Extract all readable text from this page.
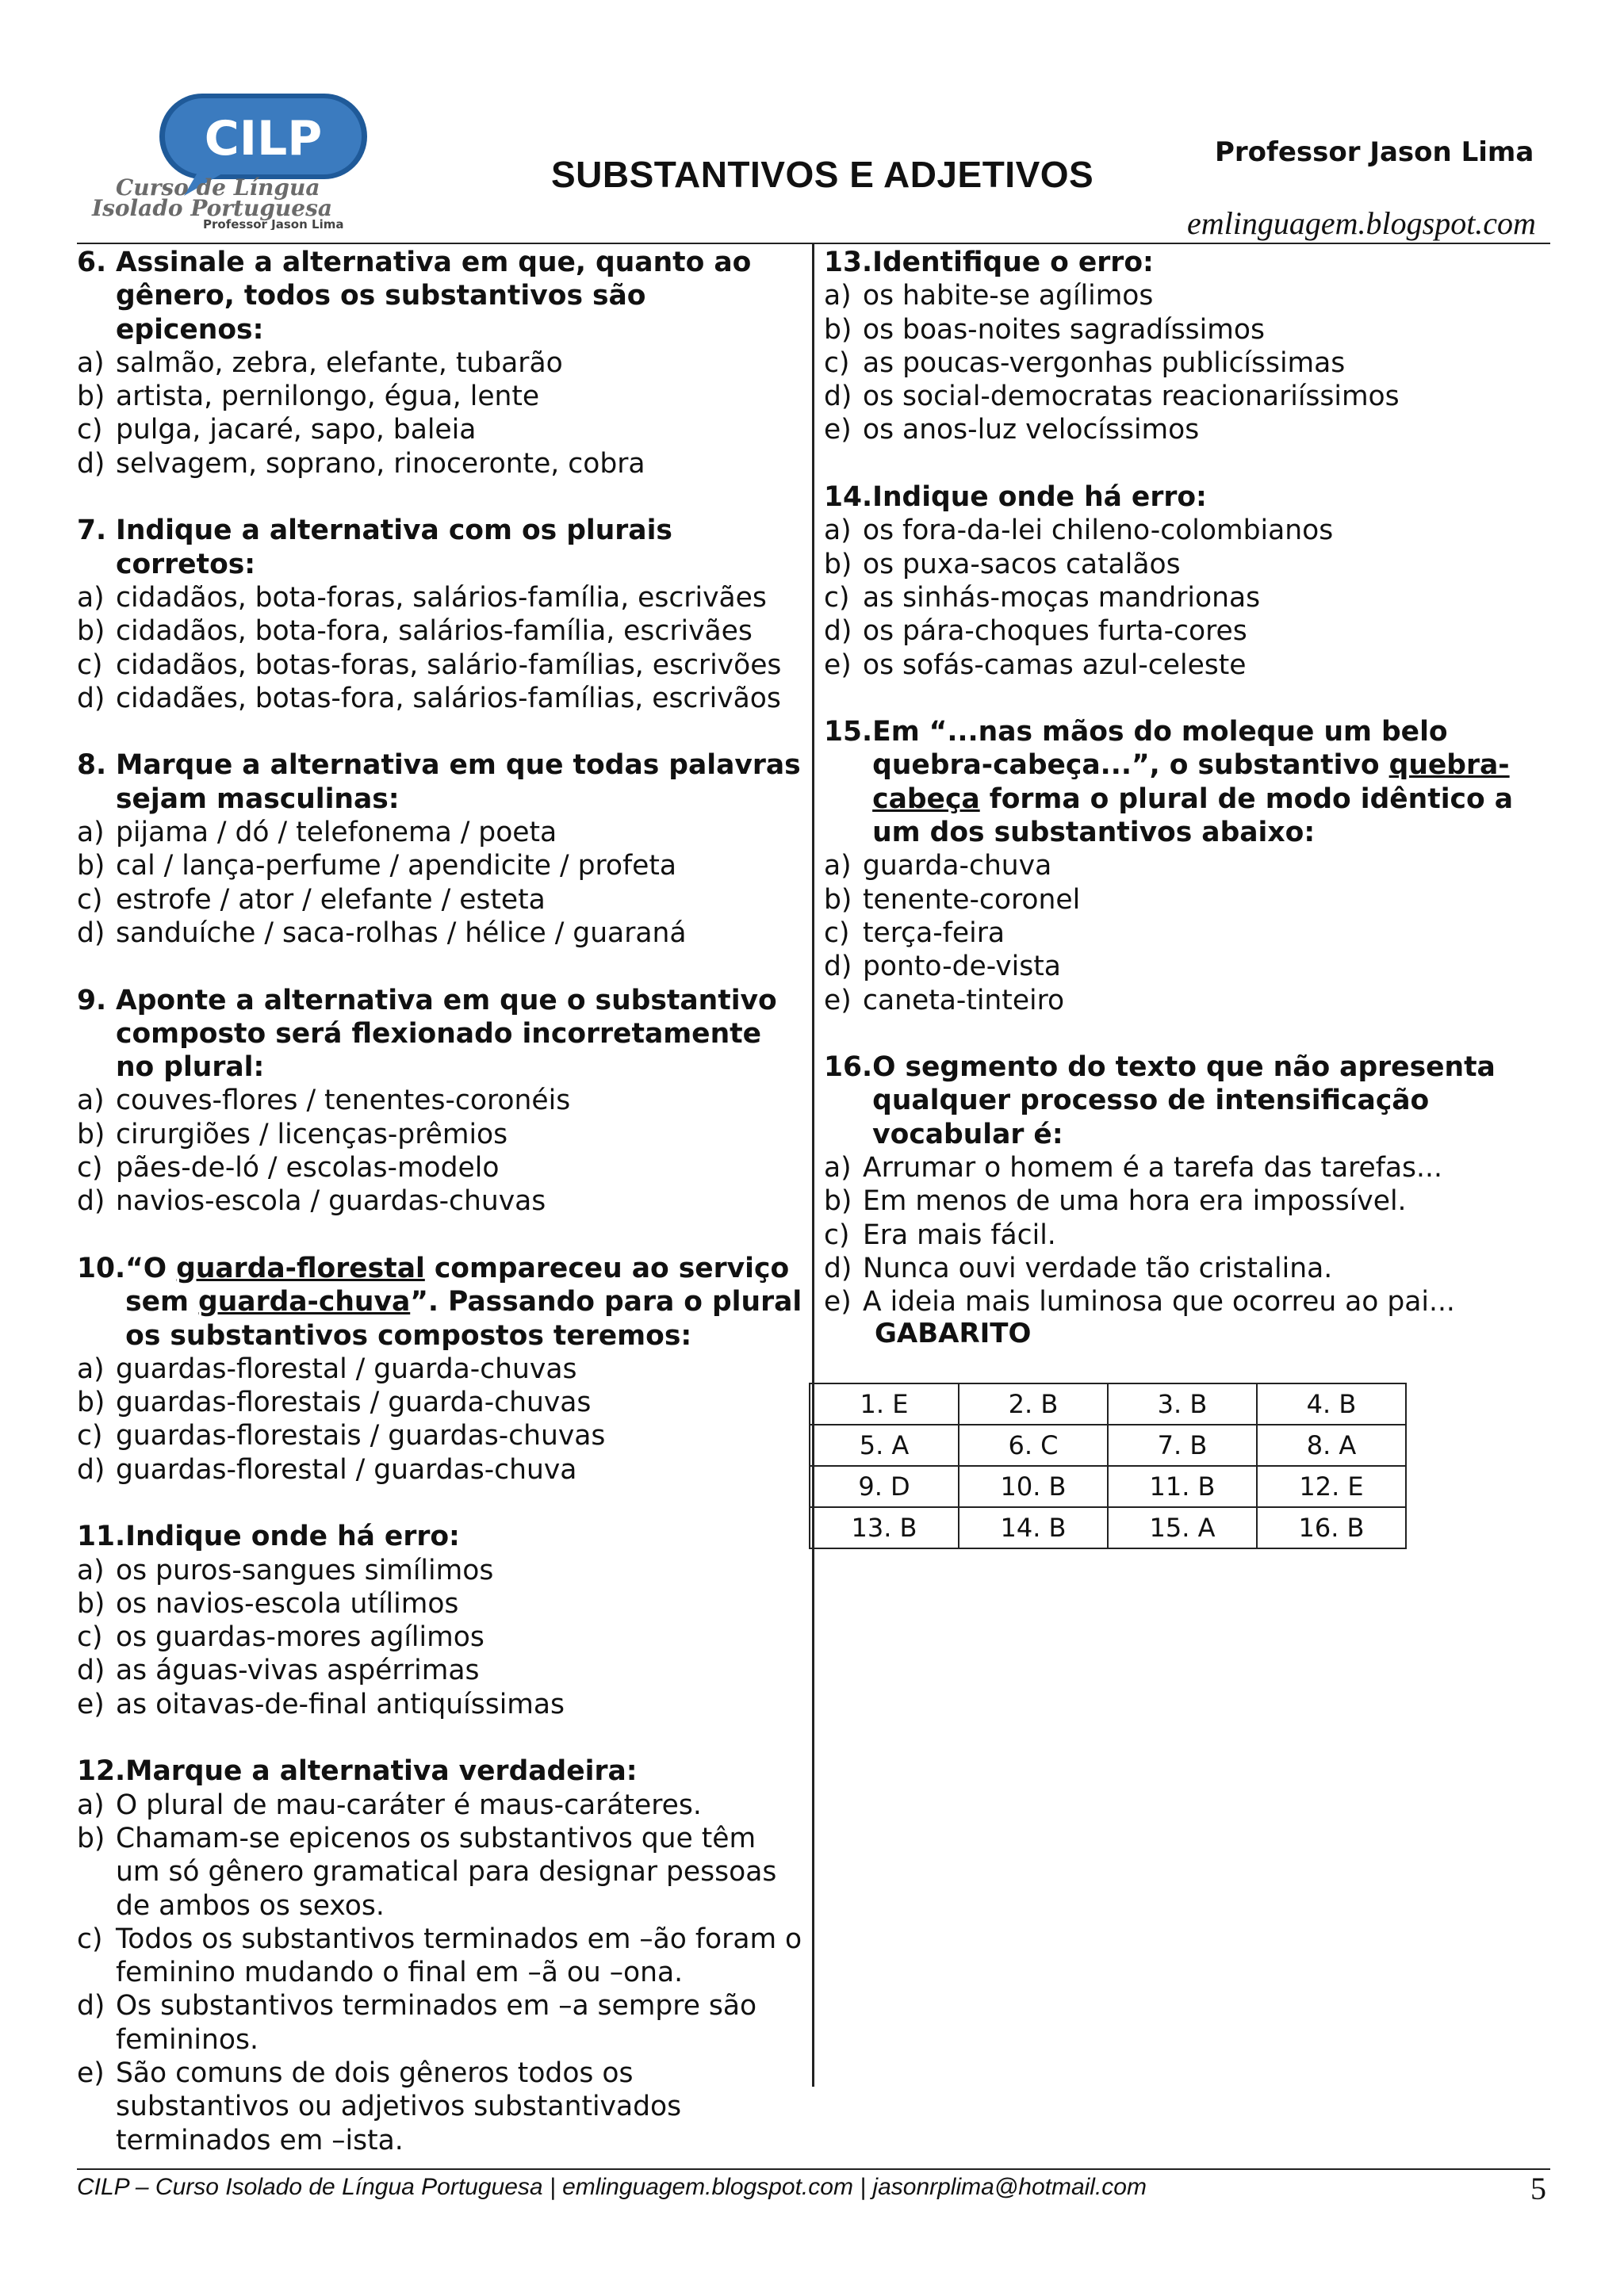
CILP
Curso de Língua
Isolado Portuguesa
Professor Jason Lima
SUBSTANTIVOS E ADJETIVOS
Professor Jason Lima
emlinguagem.blogspot.com
6. Assinale a alternativa em que, quanto ao gênero, todos os substantivos são epicenos:
a) salmão, zebra, elefante, tubarão
b) artista, pernilongo, égua, lente
c) pulga, jacaré, sapo, baleia
d) selvagem, soprano, rinoceronte, cobra
7. Indique a alternativa com os plurais corretos:
a) cidadãos, bota-foras, salários-família, escrivães
b) cidadãos, bota-fora, salários-família, escrivães
c) cidadãos, botas-foras, salário-famílias, escrivões
d) cidadães, botas-fora, salários-famílias, escrivãos
8. Marque a alternativa em que todas palavras sejam masculinas:
a) pijama / dó / telefonema / poeta
b) cal / lança-perfume / apendicite / profeta
c) estrofe / ator / elefante / esteta
d) sanduíche / saca-rolhas / hélice / guaraná
9. Aponte a alternativa em que o substantivo composto será flexionado incorretamente no plural:
a) couves-flores / tenentes-coronéis
b) cirurgiões / licenças-prêmios
c) pães-de-ló / escolas-modelo
d) navios-escola / guardas-chuvas
10. “O guarda-florestal compareceu ao serviço sem guarda-chuva”. Passando para o plural os substantivos compostos teremos:
a) guardas-florestal / guarda-chuvas
b) guardas-florestais / guarda-chuvas
c) guardas-florestais / guardas-chuvas
d) guardas-florestal / guardas-chuva
11. Indique onde há erro:
a) os puros-sangues simílimos
b) os navios-escola utílimos
c) os guardas-mores agílimos
d) as águas-vivas aspérrimas
e) as oitavas-de-final antiquíssimas
12. Marque a alternativa verdadeira:
a) O plural de mau-caráter é maus-caráteres.
b) Chamam-se epicenos os substantivos que têm um só gênero gramatical para designar pessoas de ambos os sexos.
c) Todos os substantivos terminados em –ão foram o feminino mudando o final em –ã ou –ona.
d) Os substantivos terminados em –a sempre são femininos.
e) São comuns de dois gêneros todos os substantivos ou adjetivos substantivados terminados em –ista.
13. Identifique o erro:
a) os habite-se agílimos
b) os boas-noites sagradíssimos
c) as poucas-vergonhas publicíssimas
d) os social-democratas reacionariíssimos
e) os anos-luz velocíssimos
14. Indique onde há erro:
a) os fora-da-lei chileno-colombianos
b) os puxa-sacos catalãos
c) as sinhás-moças mandrionas
d) os pára-choques furta-cores
e) os sofás-camas azul-celeste
15. Em “...nas mãos do moleque um belo quebra-cabeça...”, o substantivo quebra-cabeça forma o plural de modo idêntico a um dos substantivos abaixo:
a) guarda-chuva
b) tenente-coronel
c) terça-feira
d) ponto-de-vista
e) caneta-tinteiro
16. O segmento do texto que não apresenta qualquer processo de intensificação vocabular é:
a) Arrumar o homem é a tarefa das tarefas...
b) Em menos de uma hora era impossível.
c) Era mais fácil.
d) Nunca ouvi verdade tão cristalina.
e) A ideia mais luminosa que ocorreu ao pai...
GABARITO
1. E	2. B	3. B	4. B
5. A	6. C	7. B	8. A
9. D	10. B	11. B	12. E
13. B	14. B	15. A	16. B
CILP – Curso Isolado de Língua Portuguesa | emlinguagem.blogspot.com | jasonrplima@hotmail.com	5
